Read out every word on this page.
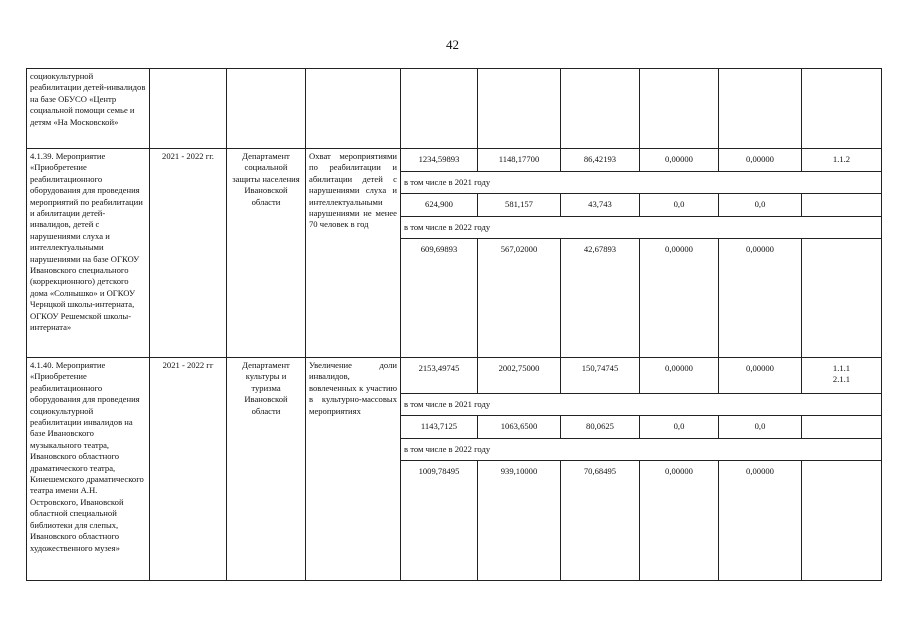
42
социокультурной реабилитации детей-инвалидов на базе ОБУСО «Центр социальной помощи семье и детям «На Московской»									
4.1.39. Мероприятие «Приобретение реабилитационного оборудования для проведения мероприятий по реабилитации и абилитации детей-инвалидов, детей с нарушениями слуха и интеллектуальными нарушениями на базе ОГКОУ Ивановского специального (коррекционного) детского дома «Солнышко» и ОГКОУ Чернцкой школы-интерната, ОГКОУ Решемской школы-интерната»	2021 - 2022 гг.	Департамент социальной защиты населения Ивановской области	Охват мероприятиями по реабилитации и абилитации детей с нарушениями слуха и интеллектуальными нарушениями не менее 70 человек в год	1234,59893	1148,17700	86,42193	0,00000	0,00000	1.1.2
				в том числе в 2021 году					
				624,900	581,157	43,743	0,0	0,0	
				в том числе в 2022 году					
				609,69893	567,02000	42,67893	0,00000	0,00000	
4.1.40. Мероприятие «Приобретение реабилитационного оборудования для проведения социокультурной реабилитации инвалидов на базе Ивановского музыкального театра, Ивановского областного драматического театра, Кинешемского драматического театра имени А.Н. Островского, Ивановской областной специальной библиотеки для слепых, Ивановского областного художественного музея»	2021 - 2022 гг	Департамент культуры и туризма Ивановской области	Увеличение доли инвалидов, вовлеченных к участию в культурно-массовых мероприятиях	2153,49745	2002,75000	150,74745	0,00000	0,00000	1.1.1
2.1.1

				в том числе в 2021 году					
				1143,7125	1063,6500	80,0625	0,0	0,0	
				в том числе в 2022 году					
				1009,78495	939,10000	70,68495	0,00000	0,00000	
